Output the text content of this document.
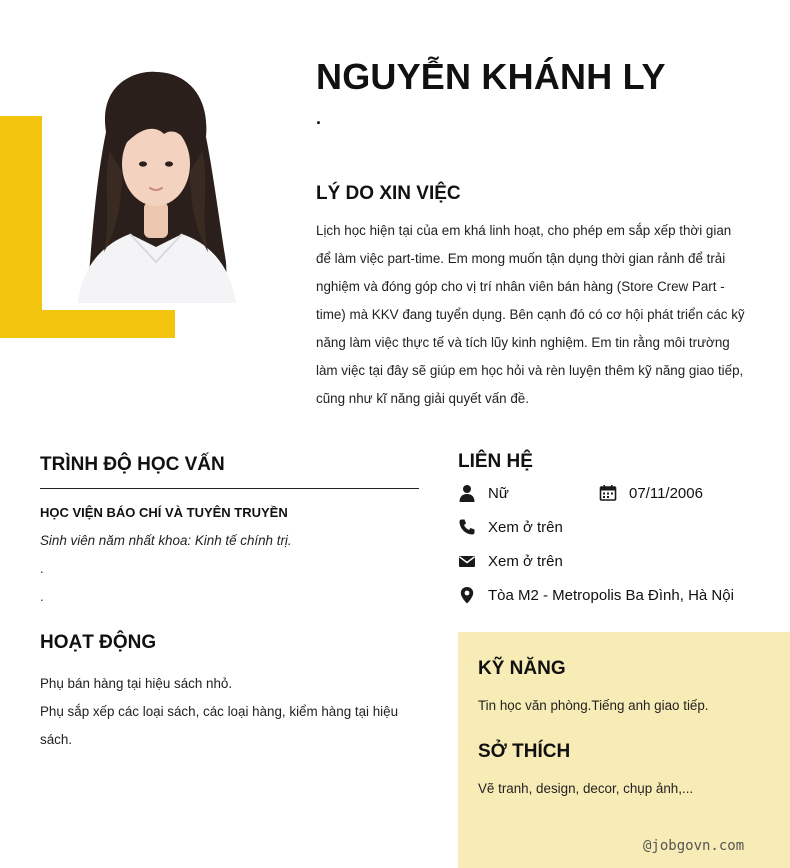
NGUYỄN KHÁNH LY
.
LÝ DO XIN VIỆC

Lịch học hiện tại của em khá linh hoạt, cho phép em sắp xếp thời gian để làm việc part-time. Em mong muốn tận dụng thời gian rảnh để trải nghiệm và đóng góp cho vị trí nhân viên bán hàng (Store Crew Part - time) mà KKV đang tuyển dụng. Bên cạnh đó có cơ hội phát triển các kỹ năng làm việc thực tế và tích lũy kinh nghiệm. Em tin rằng môi trường làm việc tại đây sẽ giúp em học hỏi và rèn luyện thêm kỹ năng giao tiếp, cũng như kĩ năng giải quyết vấn đề.

TRÌNH ĐỘ HỌC VẤN
HỌC VIỆN BÁO CHÍ VÀ TUYÊN TRUYỀN
Sinh viên năm nhất khoa: Kinh tế chính trị.
.
.
HOẠT ĐỘNG
Phụ bán hàng tại hiệu sách nhỏ.
Phụ sắp xếp các loại sách, các loại hàng, kiểm hàng tại hiệu sách.
LIÊN HỆ
Nữ	07/11/2006
Xem ở trên
Xem ở trên
Tòa M2 - Metropolis Ba Đình, Hà Nội
KỸ NĂNG
Tin học văn phòng.Tiếng anh giao tiếp.
SỞ THÍCH
Vẽ tranh, design, decor, chụp ảnh,...
@jobgovn.com
